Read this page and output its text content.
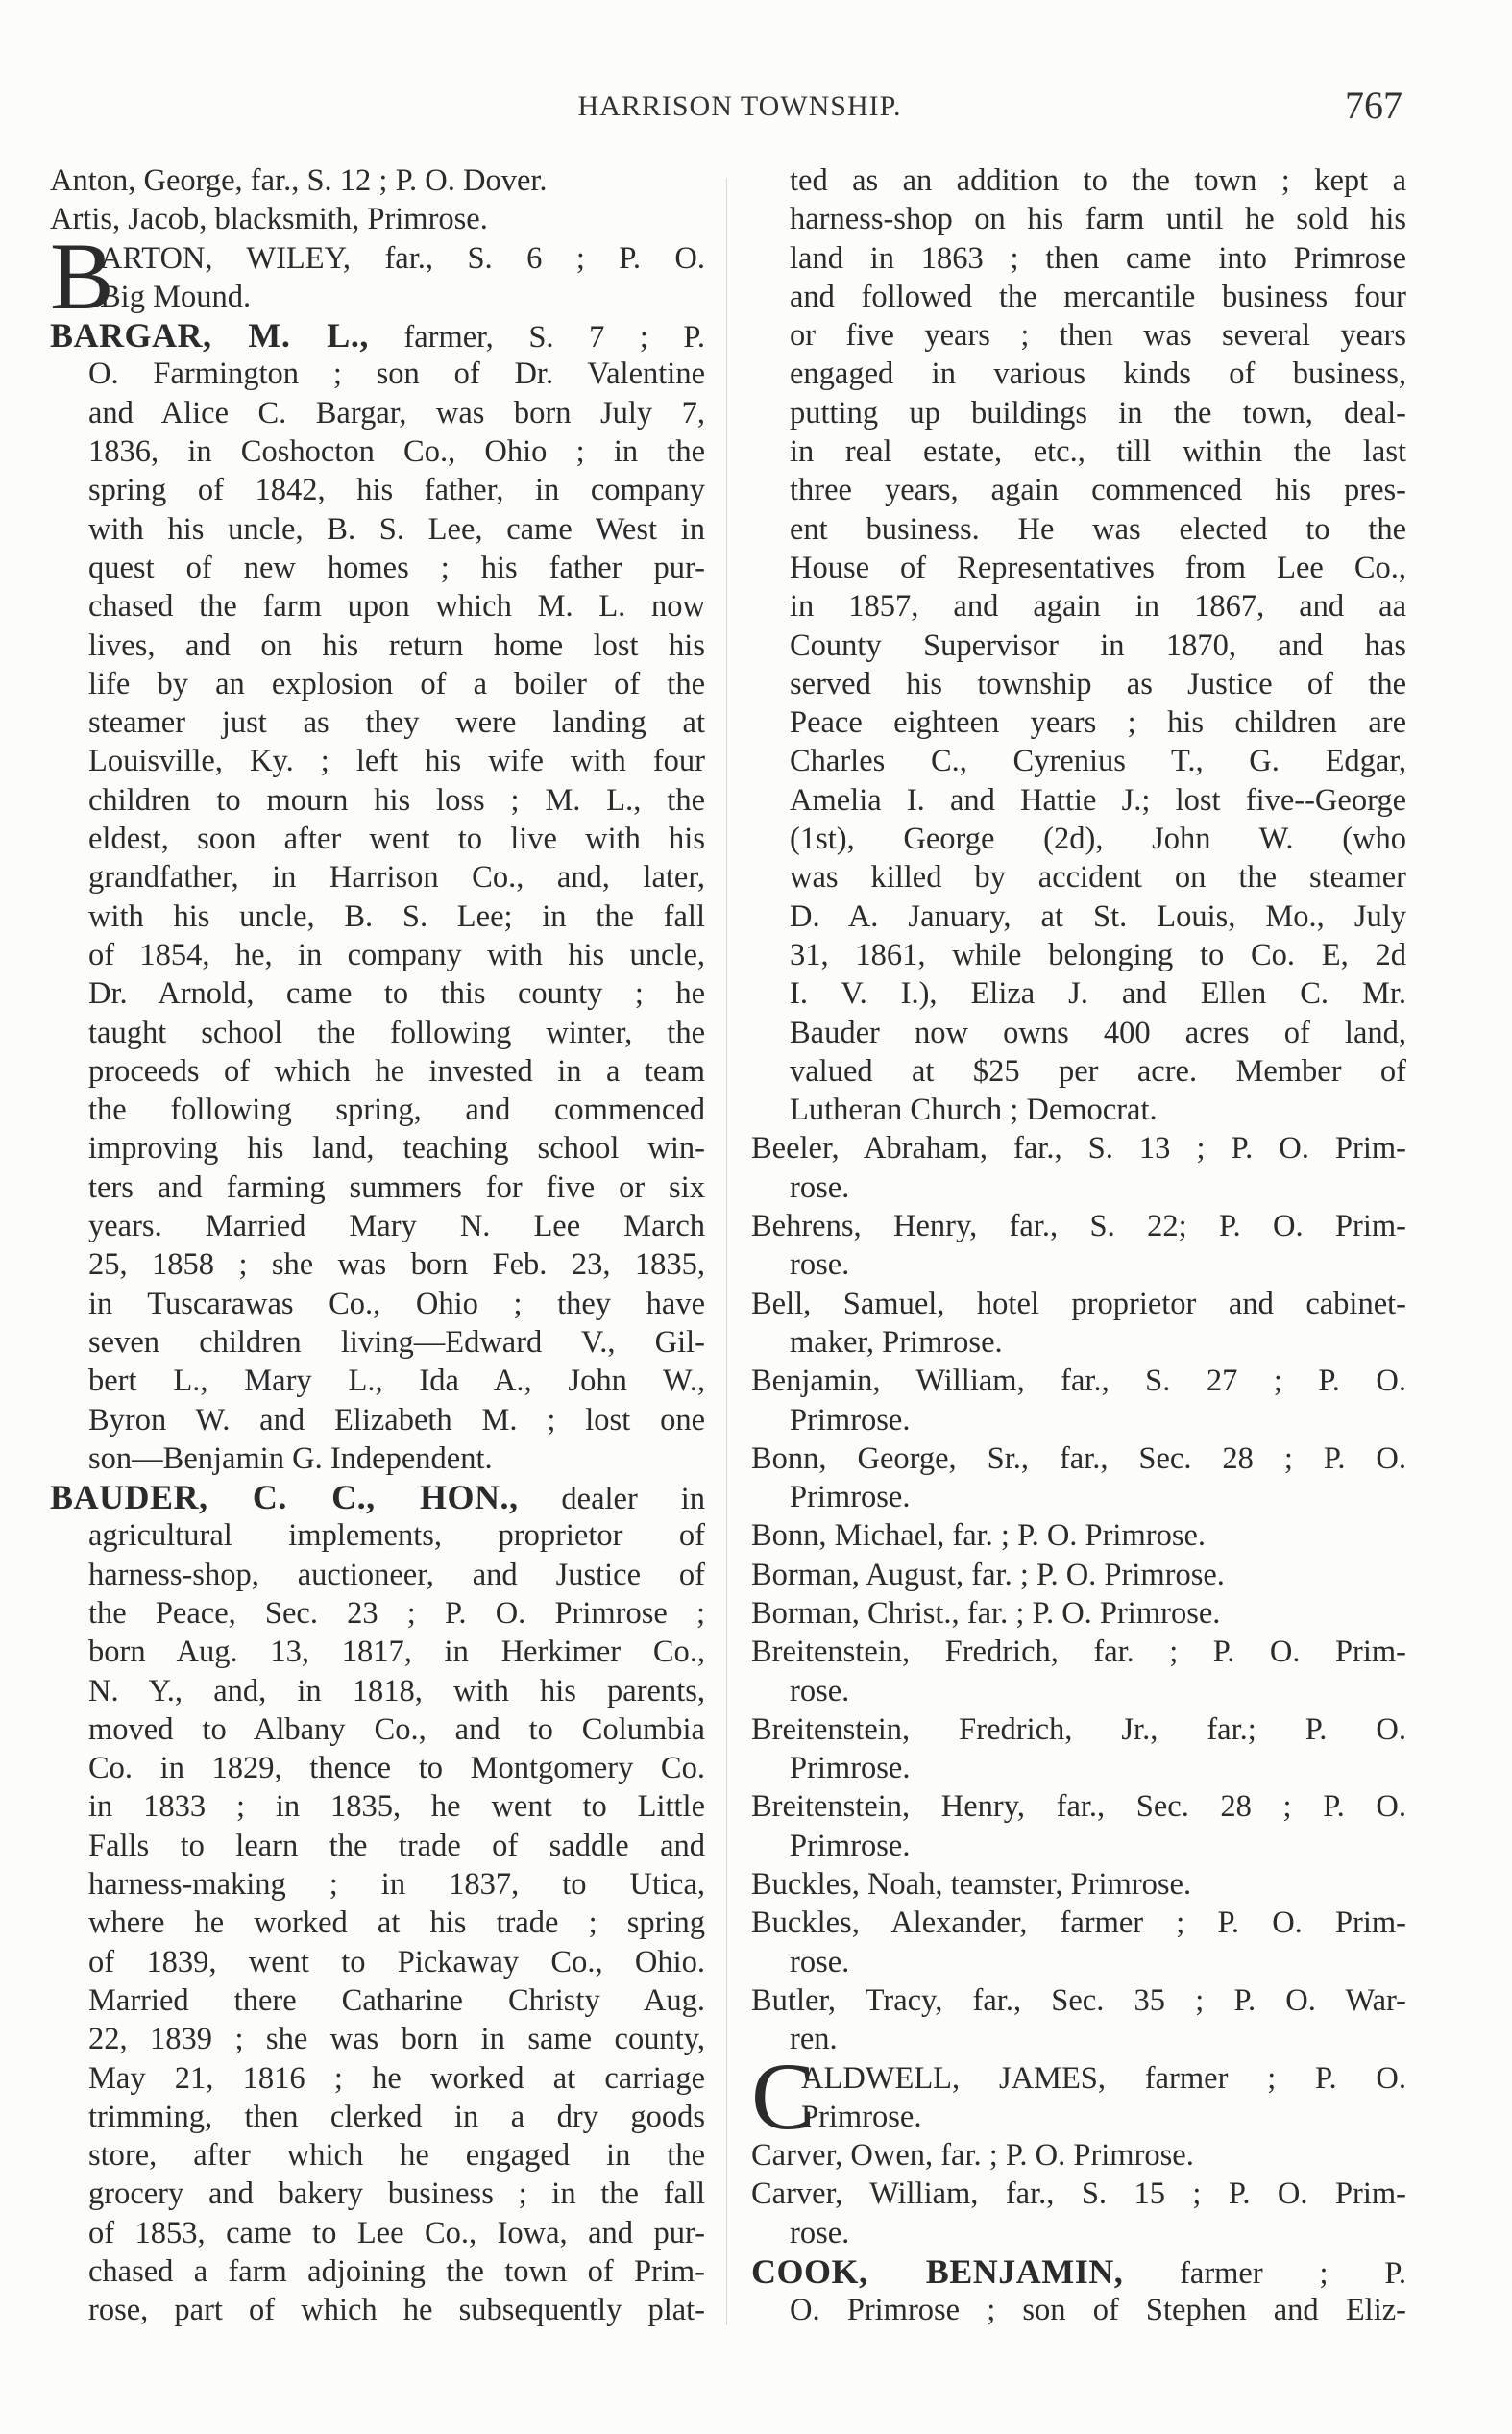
HARRISON TOWNSHIP.	767
Anton, George, far., S. 12 ; P. O. Dover.
Artis, Jacob, blacksmith, Primrose.
B
ARTON, WILEY, far., S. 6 ; P. O.
Big Mound.
BARGAR, M. L., farmer, S. 7 ; P.
O. Farmington ; son of Dr. Valentine
and Alice C. Bargar, was born July 7,
1836, in Coshocton Co., Ohio ; in the
spring of 1842, his father, in company
with his uncle, B. S. Lee, came West in
quest of new homes ; his father pur-
chased the farm upon which M. L. now
lives, and on his return home lost his
life by an explosion of a boiler of the
steamer just as they were landing at
Louisville, Ky. ; left his wife with four
children to mourn his loss ; M. L., the
eldest, soon after went to live with his
grandfather, in Harrison Co., and, later,
with his uncle, B. S. Lee; in the fall
of 1854, he, in company with his uncle,
Dr. Arnold, came to this county ; he
taught school the following winter, the
proceeds of which he invested in a team
the following spring, and commenced
improving his land, teaching school win-
ters and farming summers for five or six
years. Married Mary N. Lee March
25, 1858 ; she was born Feb. 23, 1835,
in Tuscarawas Co., Ohio ; they have
seven children living—Edward V., Gil-
bert L., Mary L., Ida A., John W.,
Byron W. and Elizabeth M. ; lost one
son—Benjamin G. Independent.
BAUDER, C. C., HON., dealer in
agricultural implements, proprietor of
harness-shop, auctioneer, and Justice of
the Peace, Sec. 23 ; P. O. Primrose ;
born Aug. 13, 1817, in Herkimer Co.,
N. Y., and, in 1818, with his parents,
moved to Albany Co., and to Columbia
Co. in 1829, thence to Montgomery Co.
in 1833 ; in 1835, he went to Little
Falls to learn the trade of saddle and
harness-making ; in 1837, to Utica,
where he worked at his trade ; spring
of 1839, went to Pickaway Co., Ohio.
Married there Catharine Christy Aug.
22, 1839 ; she was born in same county,
May 21, 1816 ; he worked at carriage
trimming, then clerked in a dry goods
store, after which he engaged in the
grocery and bakery business ; in the fall
of 1853, came to Lee Co., Iowa, and pur-
chased a farm adjoining the town of Prim-
rose, part of which he subsequently plat-
ted as an addition to the town ; kept a
harness-shop on his farm until he sold his
land in 1863 ; then came into Primrose
and followed the mercantile business four
or five years ; then was several years
engaged in various kinds of business,
putting up buildings in the town, deal-
in real estate, etc., till within the last
three years, again commenced his pres-
ent business. He was elected to the
House of Representatives from Lee Co.,
in 1857, and again in 1867, and aa
County Supervisor in 1870, and has
served his township as Justice of the
Peace eighteen years ; his children are
Charles C., Cyrenius T., G. Edgar,
Amelia I. and Hattie J.; lost five--George
(1st), George (2d), John W. (who
was killed by accident on the steamer
D. A. January, at St. Louis, Mo., July
31, 1861, while belonging to Co. E, 2d
I. V. I.), Eliza J. and Ellen C. Mr.
Bauder now owns 400 acres of land,
valued at $25 per acre. Member of
Lutheran Church ; Democrat.
Beeler, Abraham, far., S. 13 ; P. O. Prim-
rose.
Behrens, Henry, far., S. 22; P. O. Prim-
rose.
Bell, Samuel, hotel proprietor and cabinet-
maker, Primrose.
Benjamin, William, far., S. 27 ; P. O.
Primrose.
Bonn, George, Sr., far., Sec. 28 ; P. O.
Primrose.
Bonn, Michael, far. ; P. O. Primrose.
Borman, August, far. ; P. O. Primrose.
Borman, Christ., far. ; P. O. Primrose.
Breitenstein, Fredrich, far. ; P. O. Prim-
rose.
Breitenstein, Fredrich, Jr., far.; P. O.
Primrose.
Breitenstein, Henry, far., Sec. 28 ; P. O.
Primrose.
Buckles, Noah, teamster, Primrose.
Buckles, Alexander, farmer ; P. O. Prim-
rose.
Butler, Tracy, far., Sec. 35 ; P. O. War-
ren.
C
ALDWELL, JAMES, farmer ; P. O.
Primrose.
Carver, Owen, far. ; P. O. Primrose.
Carver, William, far., S. 15 ; P. O. Prim-
rose.
COOK, BENJAMIN, farmer ; P.
O. Primrose ; son of Stephen and Eliz-
